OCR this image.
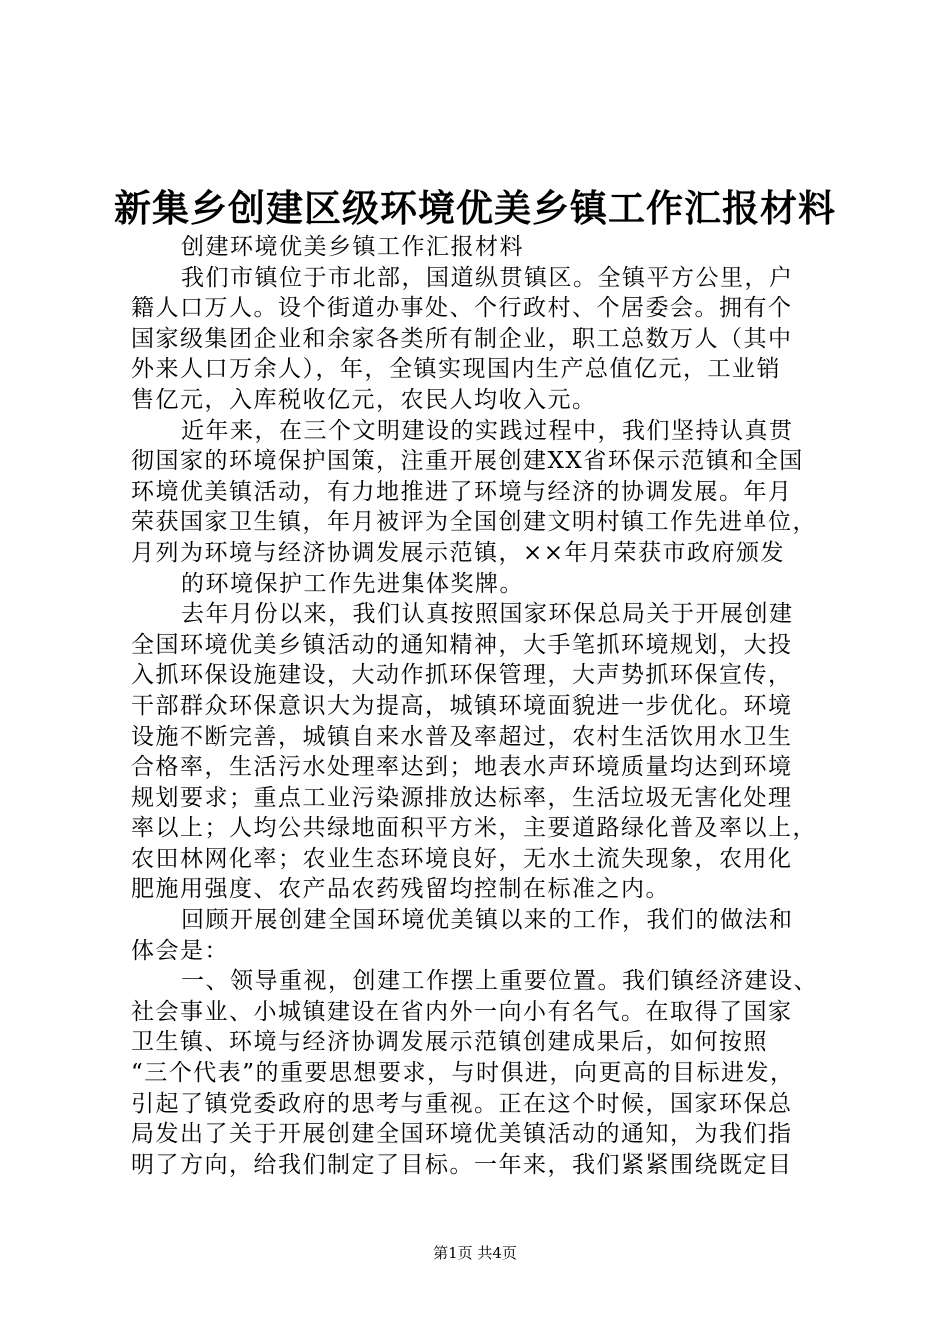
新集乡创建区级环境优美乡镇工作汇报材料
创建环境优美乡镇工作汇报材料
我们市镇位于市北部，国道纵贯镇区。全镇平方公里，户
籍人口万人。设个街道办事处、个行政村、个居委会。拥有个
国家级集团企业和余家各类所有制企业，职工总数万人（其中
外来人口万余人），年，全镇实现国内生产总值亿元，工业销
售亿元，入库税收亿元，农民人均收入元。
近年来，在三个文明建设的实践过程中，我们坚持认真贯
彻国家的环境保护国策，注重开展创建XX省环保示范镇和全国
环境优美镇活动，有力地推进了环境与经济的协调发展。年月
荣获国家卫生镇，年月被评为全国创建文明村镇工作先进单位，
月列为环境与经济协调发展示范镇，××年月荣获市政府颁发
的环境保护工作先进集体奖牌。
去年月份以来，我们认真按照国家环保总局关于开展创建
全国环境优美乡镇活动的通知精神，大手笔抓环境规划，大投
入抓环保设施建设，大动作抓环保管理，大声势抓环保宣传，
干部群众环保意识大为提高，城镇环境面貌进一步优化。环境
设施不断完善，城镇自来水普及率超过，农村生活饮用水卫生
合格率，生活污水处理率达到；地表水声环境质量均达到环境
规划要求；重点工业污染源排放达标率，生活垃圾无害化处理
率以上；人均公共绿地面积平方米，主要道路绿化普及率以上，
农田林网化率；农业生态环境良好，无水土流失现象，农用化
肥施用强度、农产品农药残留均控制在标准之内。
回顾开展创建全国环境优美镇以来的工作，我们的做法和
体会是：
一、领导重视，创建工作摆上重要位置。我们镇经济建设、
社会事业、小城镇建设在省内外一向小有名气。在取得了国家
卫生镇、环境与经济协调发展示范镇创建成果后，如何按照
“三个代表”的重要思想要求，与时俱进，向更高的目标进发，
引起了镇党委政府的思考与重视。正在这个时候，国家环保总
局发出了关于开展创建全国环境优美镇活动的通知，为我们指
明了方向，给我们制定了目标。一年来，我们紧紧围绕既定目
第1页 共4页
